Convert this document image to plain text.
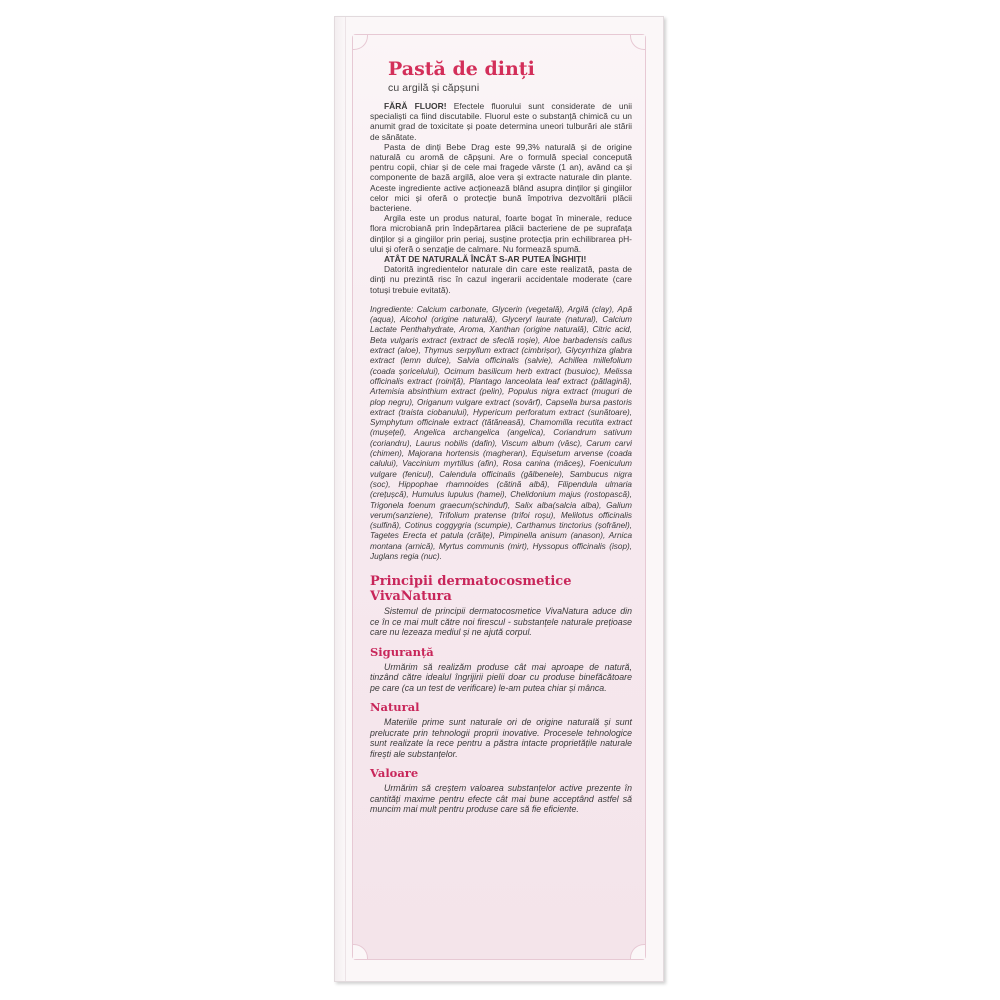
Pastă de dinți
cu argilă și căpșuni

FĂRĂ FLUOR! Efectele fluorului sunt considerate de unii specialiști ca fiind discutabile. Fluorul este o substanță chimică cu un anumit grad de toxicitate și poate determina uneori tulburări ale stării de sănătate.

Pasta de dinți Bebe Drag este 99,3% naturală și de origine naturală cu aromă de căpșuni. Are o formulă special concepută pentru copii, chiar și de cele mai fragede vârste (1 an), având ca și componente de bază argilă, aloe vera și extracte naturale din plante. Aceste ingrediente active acționează blând asupra dinților și gingiilor celor mici și oferă o protecție bună împotriva dezvoltării plăcii bacteriene.

Argila este un produs natural, foarte bogat în minerale, reduce flora microbiană prin îndepărtarea plăcii bacteriene de pe suprafața dinților și a gingiilor prin periaj, susține protecția prin echilibrarea pH-ului și oferă o senzație de calmare. Nu formează spumă.

ATÂT DE NATURALĂ ÎNCÂT S-AR PUTEA ÎNGHIȚI!

Datorită ingredientelor naturale din care este realizată, pasta de dinți nu prezintă risc în cazul ingerarii accidentale moderate (care totuși trebuie evitată).

Ingrediente: Calcium carbonate, Glycerin (vegetală), Argilă (clay), Apă (aqua), Alcohol (origine naturală), Glyceryl laurate (natural), Calcium Lactate Penthahydrate, Aroma, Xanthan (origine naturală), Citric acid, Beta vulgaris extract (extract de sfeclă roșie), Aloe barbadensis callus extract (aloe), Thymus serpyllum extract (cimbrișor), Glycyrrhiza glabra extract (lemn dulce), Salvia officinalis (salvie), Achillea millefolium (coada șoricelului), Ocimum basilicum herb extract (busuioc), Melissa officinalis extract (roiniță), Plantago lanceolata leaf extract (pătlagină), Artemisia absinthium extract (pelin), Populus nigra extract (muguri de plop negru), Origanum vulgare extract (sovârf), Capsella bursa pastoris extract (traista ciobanului), Hypericum perforatum extract (sunătoare), Symphytum officinale extract (tătăneasă), Chamomilla recutita extract (mușețel), Angelica archangelica (angelica), Coriandrum sativum (coriandru), Laurus nobilis (dafin), Viscum album (vâsc), Carum carvi (chimen), Majorana hortensis (magheran), Equisetum arvense (coada calului), Vaccinium myrtillus (afin), Rosa canina (măceș), Foeniculum vulgare (fenicul), Calendula officinalis (gălbenele), Sambucus nigra (soc), Hippophae rhamnoides (cătină albă), Filipendula ulmaria (crețușcă), Humulus lupulus (hamei), Chelidonium majus (rostopască), Trigonela foenum graecum(schinduf), Salix alba(salcia alba), Galium verum(sanziene), Trifolium pratense (trifoi roșu), Melilotus officinalis (sulfină), Cotinus coggygria (scumpie), Carthamus tinctorius (șofrănel), Tagetes Erecta et patula (crăițe), Pimpinella anisum (anason), Arnica montana (arnică), Myrtus communis (mirt), Hyssopus officinalis (isop), Juglans regia (nuc).

Principii dermatocosmetice VivaNatura

Sistemul de principii dermatocosmetice VivaNatura aduce din ce în ce mai mult către noi firescul - substanțele naturale prețioase care nu lezeaza mediul și ne ajută corpul.

Siguranță

Urmărim să realizăm produse cât mai aproape de natură, tinzând către idealul îngrijirii pielii doar cu produse binefăcătoare pe care (ca un test de verificare) le-am putea chiar și mânca.

Natural

Materiile prime sunt naturale ori de origine naturală și sunt prelucrate prin tehnologii proprii inovative. Procesele tehnologice sunt realizate la rece pentru a păstra intacte proprietățile naturale firești ale substanțelor.

Valoare

Urmărim să creștem valoarea substanțelor active prezente în cantități maxime pentru efecte cât mai bune acceptând astfel să muncim mai mult pentru produse care să fie eficiente.
